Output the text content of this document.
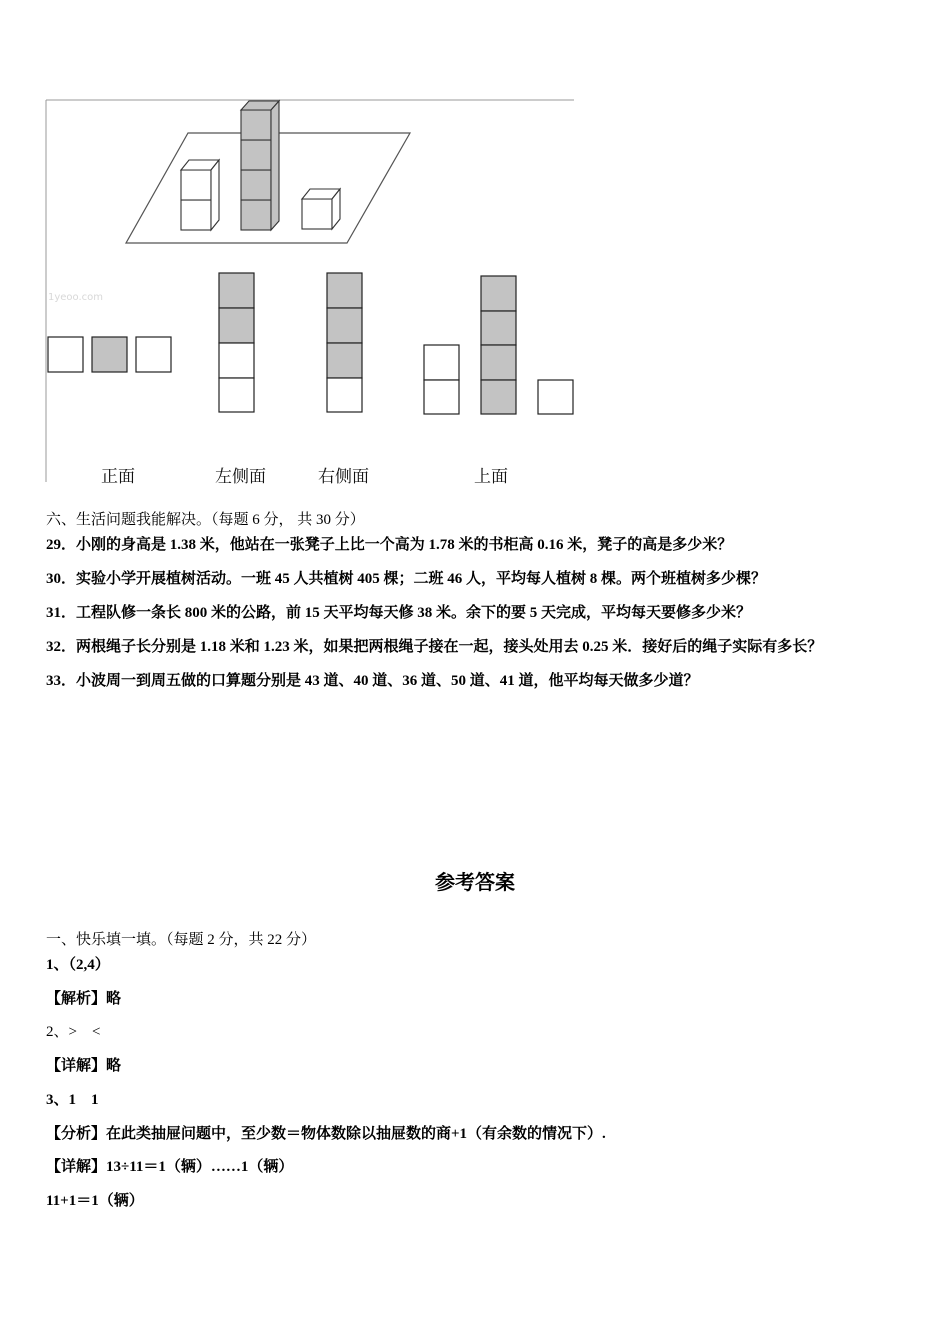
1yeoo.com
正面	左侧面	右侧面	上面
六、生活问题我能解决。（每题 6 分， 共 30 分）
29．小刚的身高是 1.38 米，他站在一张凳子上比一个高为 1.78 米的书柜高 0.16 米，凳子的高是多少米？
30．实验小学开展植树活动。一班 45 人共植树 405 棵；二班 46 人，平均每人植树 8 棵。两个班植树多少棵？
31．工程队修一条长 800 米的公路，前 15 天平均每天修 38 米。余下的要 5 天完成，平均每天要修多少米？
32．两根绳子长分别是 1.18 米和 1.23 米，如果把两根绳子接在一起，接头处用去 0.25 米．接好后的绳子实际有多长？
33．小波周一到周五做的口算题分别是 43 道、40 道、36 道、50 道、41 道，他平均每天做多少道？
参考答案
一、快乐填一填。（每题 2 分，共 22 分）
1、（2,4）
【解析】略
2、>　<
【详解】略
3、1　1
【分析】在此类抽屉问题中，至少数＝物体数除以抽屉数的商+1（有余数的情况下）.
【详解】13÷11＝1（辆）……1（辆）
11+1＝1（辆）
